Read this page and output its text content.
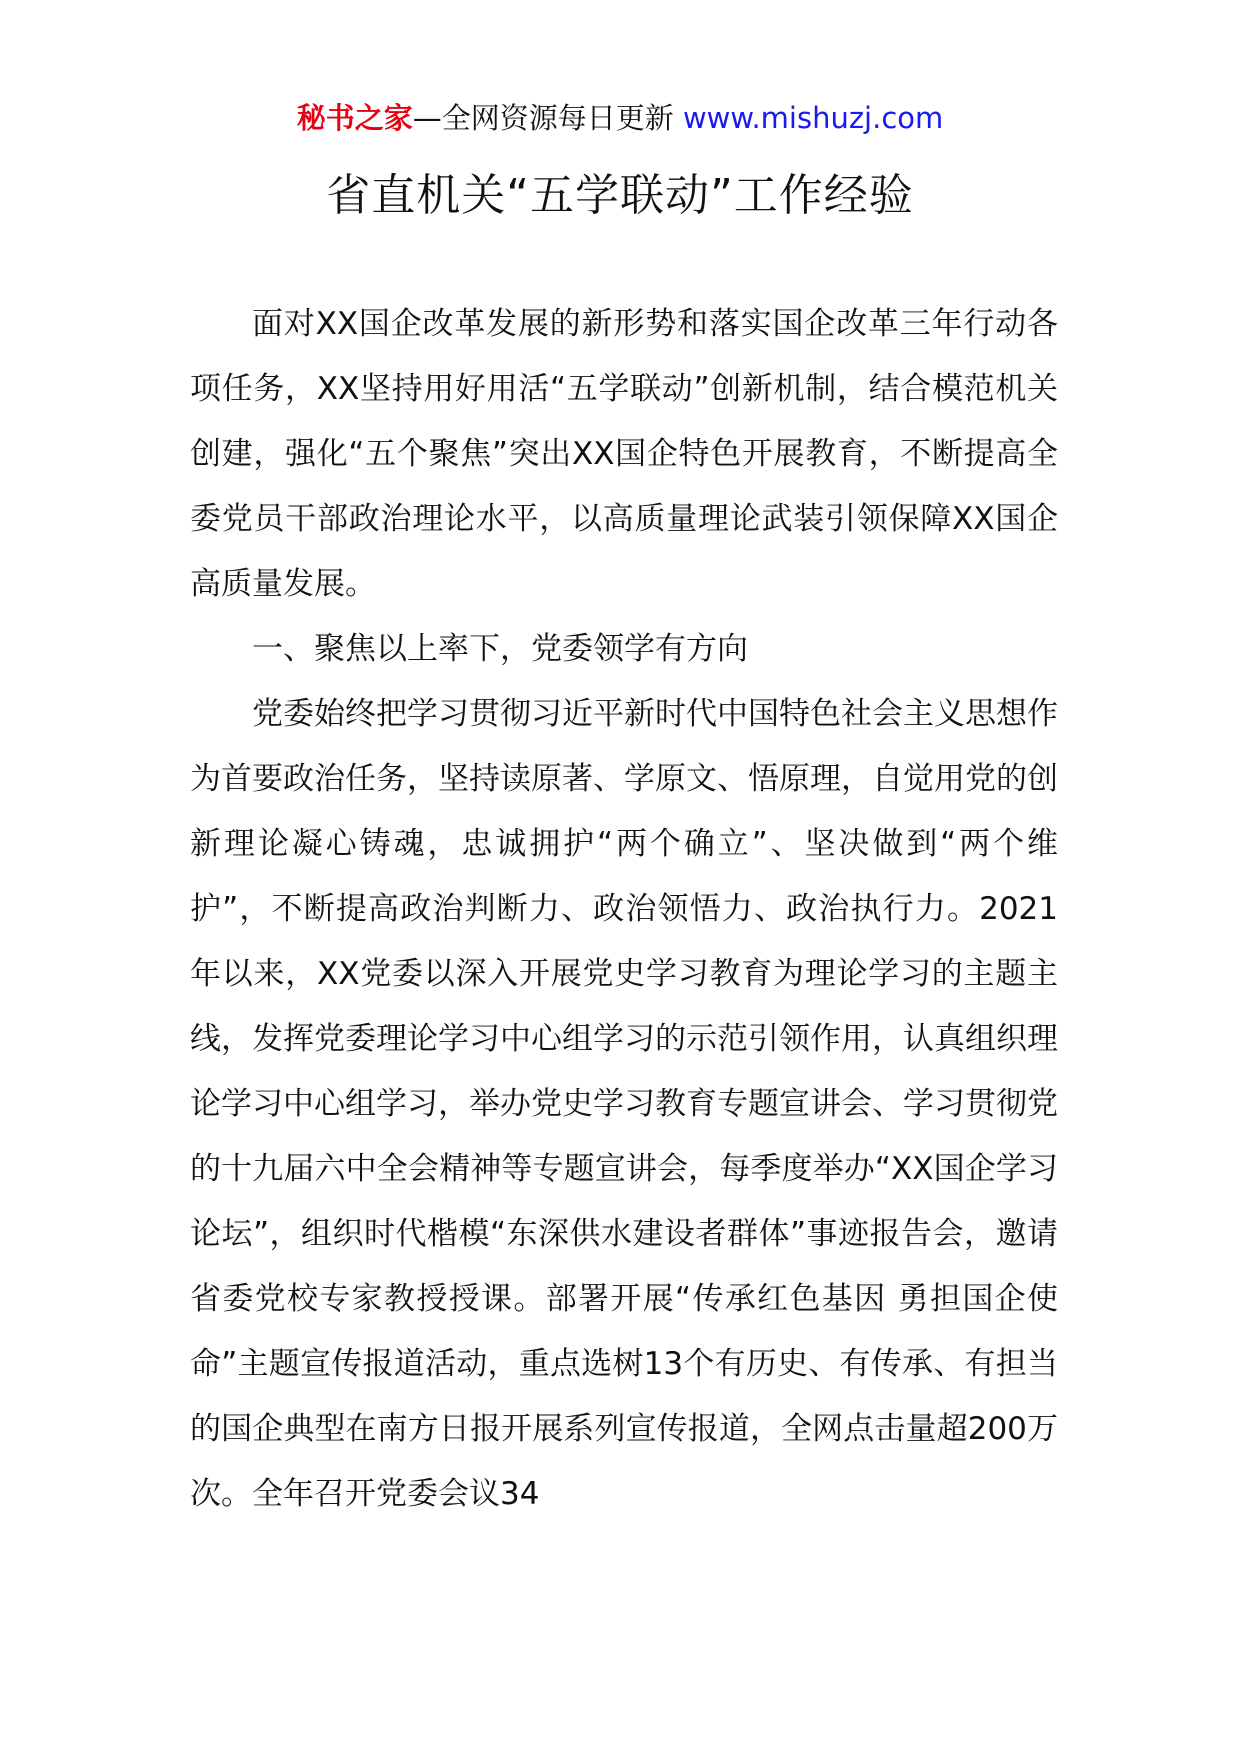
秘书之家—全网资源每日更新 www.mishuzj.com
省直机关“五学联动”工作经验

面对XX国企改革发展的新形势和落实国企改革三年行动各项任务，XX坚持用好用活“五学联动”创新机制，结合模范机关创建，强化“五个聚焦”突出XX国企特色开展教育，不断提高全委党员干部政治理论水平，以高质量理论武装引领保障XX国企高质量发展。

一、聚焦以上率下，党委领学有方向

党委始终把学习贯彻习近平新时代中国特色社会主义思想作为首要政治任务，坚持读原著、学原文、悟原理，自觉用党的创新理论凝心铸魂，忠诚拥护“两个确立”、坚决做到“两个维护”，不断提高政治判断力、政治领悟力、政治执行力。2021年以来，XX党委以深入开展党史学习教育为理论学习的主题主线，发挥党委理论学习中心组学习的示范引领作用，认真组织理论学习中心组学习，举办党史学习教育专题宣讲会、学习贯彻党的十九届六中全会精神等专题宣讲会，每季度举办“XX国企学习论坛”，组织时代楷模“东深供水建设者群体”事迹报告会，邀请省委党校专家教授授课。部署开展“传承红色基因 勇担国企使命”主题宣传报道活动，重点选树13个有历史、有传承、有担当的国企典型在南方日报开展系列宣传报道，全网点击量超200万次。全年召开党委会议34
